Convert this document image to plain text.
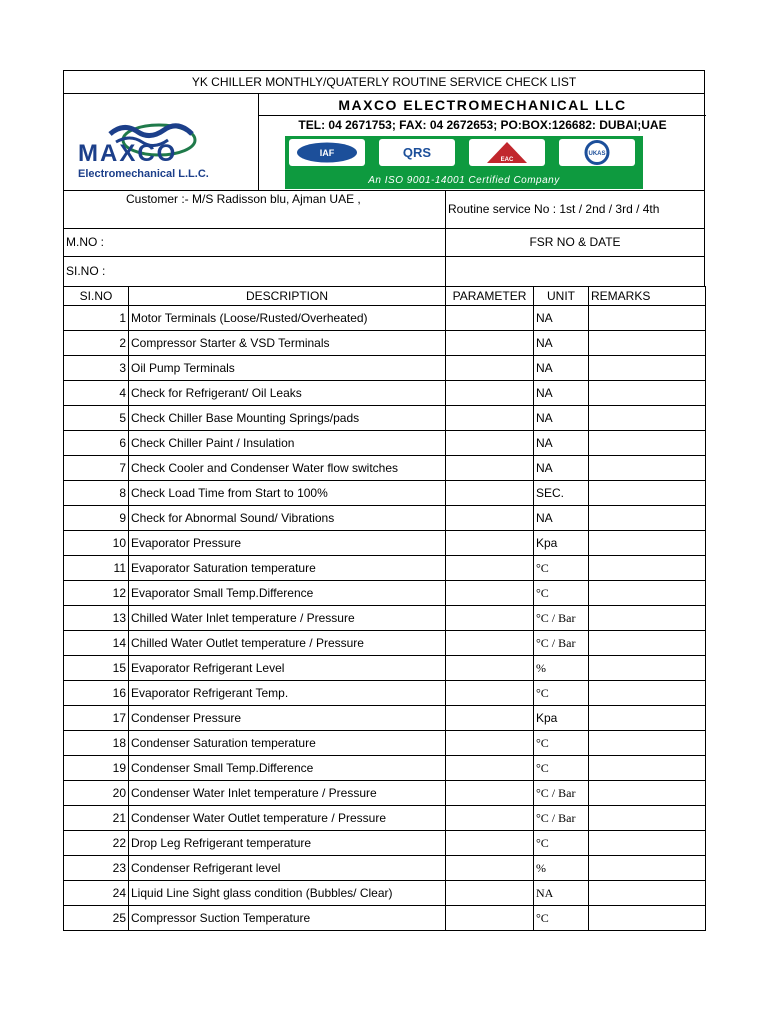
YK CHILLER MONTHLY/QUATERLY ROUTINE SERVICE CHECK LIST
MAXCO
Electromechanical L.L.C.
MAXCO ELECTROMECHANICAL LLC
TEL: 04 2671753; FAX: 04 2672653; PO:BOX:126682: DUBAI;UAE
IAF	QRS	EAC
UKAS
An ISO 9001-14001 Certified Company
Customer :- M/S Radisson blu, Ajman UAE ,
Routine service No : 1st / 2nd / 3rd / 4th
M.NO :	FSR NO & DATE
SI.NO :
SI.NO	DESCRIPTION	PARAMETER	UNIT	REMARKS
1	Motor Terminals (Loose/Rusted/Overheated)		NA	
2	Compressor Starter & VSD Terminals		NA	
3	Oil Pump Terminals		NA	
4	Check for Refrigerant/ Oil Leaks		NA	
5	Check Chiller Base Mounting Springs/pads		NA	
6	Check Chiller Paint / Insulation		NA	
7	Check Cooler and Condenser Water flow switches		NA	
8	Check Load Time from Start to 100%		SEC.	
9	Check for Abnormal Sound/ Vibrations		NA	
10	Evaporator Pressure		Kpa	
11	Evaporator Saturation temperature		°C	
12	Evaporator Small Temp.Difference		°C	
13	Chilled Water Inlet temperature / Pressure		°C / Bar	
14	Chilled Water Outlet temperature / Pressure		°C / Bar	
15	Evaporator Refrigerant Level		%	
16	Evaporator Refrigerant Temp.		°C	
17	Condenser Pressure		Kpa	
18	Condenser Saturation temperature		°C	
19	Condenser Small Temp.Difference		°C	
20	Condenser Water Inlet temperature / Pressure		°C / Bar	
21	Condenser Water Outlet temperature / Pressure		°C / Bar	
22	Drop Leg Refrigerant temperature		°C	
23	Condenser Refrigerant level		%	
24	Liquid Line Sight glass condition (Bubbles/ Clear)		NA	
25	Compressor Suction Temperature		°C	
